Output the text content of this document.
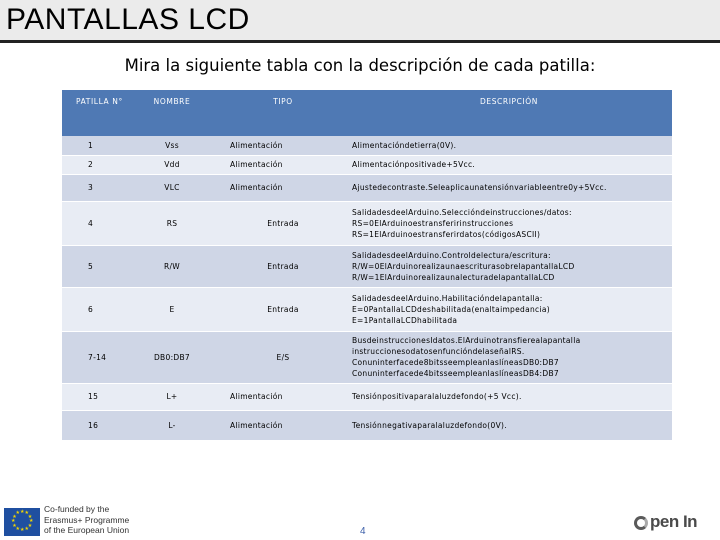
PANTALLAS LCD
Mira la siguiente tabla con la descripción de cada patilla:
PATILLA N°	NOMBRE	TIPO	DESCRIPCIÓN
1	Vss	Alimentación	Alimentacióndetierra(0V).

2	Vdd	Alimentación	Alimentaciónpositivade+5Vcc.

3	VLC	Alimentación	Ajustedecontraste.Seleaplicaunatensiónvariableentre0y+5Vcc.

4	RS	Entrada	SalidadesdeelArduino.Seleccióndeinstrucciones/datos:
RS=0ElArduinoestransferirinstrucciones
RS=1ElArduinoestransferirdatos(códigosASCII)

5	R/W	Entrada	SalidadesdeelArduino.Controldelectura/escritura:
R/W=0ElArduinorealizaunaescriturasobrelapantallaLCD
R/W=1ElArduinorealizaunalecturadelapantallaLCD

6	E	Entrada	SalidadesdeelArduino.Habilitacióndelapantalla:
E=0PantallaLCDdeshabilitada(enaltaimpedancia)
E=1PantallaLCDhabilitada

7-14	DB0:DB7	E/S	BusdeinstruccionesIdatos.ElArduinotransfierealapantalla
instruccionesodatosenfuncióndelaseñalRS.
Conuninterfacede8bitsseempleanlaslíneasDB0:DB7
Conuninterfacede4bitsseempleanlaslíneasDB4:DB7

15	L+	Alimentación	Tensiónpositivaparalaluzdefondo(+5 Vcc).

16	L-	Alimentación	Tensiónnegativaparalaluzdefondo(0V).
★
★
★
★
★
★
★
★
★ ★ ★
★
Co-funded by the
Erasmus+ Programme
of the European Union	4
pen In
